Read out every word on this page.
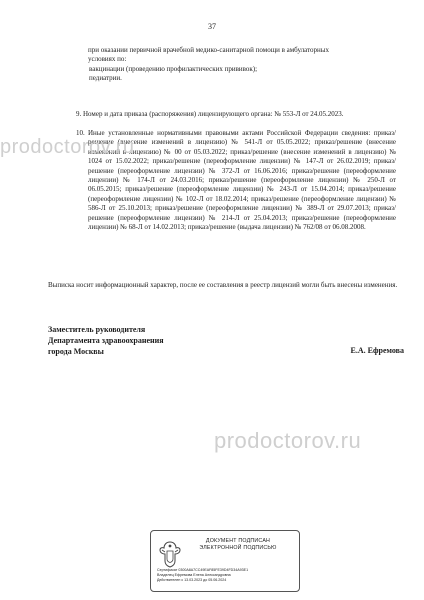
37
при оказании первичной врачебной медико-санитарной помощи в амбулаторных
условиях по:
вакцинации (проведению профилактических прививок);
педиатрии.
9. Номер и дата приказа (распоряжения) лицензирующего органа: № 553-Л от 24.05.2023.
10. Иные установленные нормативными правовыми актами Российской Федерации сведения: приказ/решение (внесение изменений в лицензию) № 541-Л от 05.05.2022; приказ/решение (внесение изменений в лицензию) № 00 от 05.03.2022; приказ/решение (внесение изменений в лицензию) № 1024 от 15.02.2022; приказ/решение (переоформление лицензии) № 147-Л от 26.02.2019; приказ/решение (переоформление лицензии) № 372-Л от 16.06.2016; приказ/решение (переоформление лицензии) № 174-Л от 24.03.2016; приказ/решение (переоформление лицензии) № 250-Л от 06.05.2015; приказ/решение (переоформление лицензии) № 243-Л от 15.04.2014; приказ/решение (переоформление лицензии) № 102-Л от 18.02.2014; приказ/решение (переоформление лицензии) № 586-Л от 25.10.2013; приказ/решение (переоформление лицензии) № 389-Л от 29.07.2013; приказ/решение (переоформление лицензии) № 214-Л от 25.04.2013; приказ/решение (переоформление лицензии) № 68-Л от 14.02.2013; приказ/решение (выдача лицензии) № 762/08 от 06.08.2008.
Выписка носит информационный характер, после ее составления в реестр лицензий могли быть внесены изменения.
Заместитель руководителя
Департамента здравоохранения
города Москвы	Е.А. Ефремова
prodoctorov.ru
prodoctorov.ru
ДОКУМЕНТ ПОДПИСАН
ЭЛЕКТРОННОЙ ПОДПИСЬЮ
Сертификат 0300A8A7CC49EAF85FE39D4FD34A93E1
Владелец Ефремова Елена Александровна
Действителен с 13.03.2023 до 05.06.2024
